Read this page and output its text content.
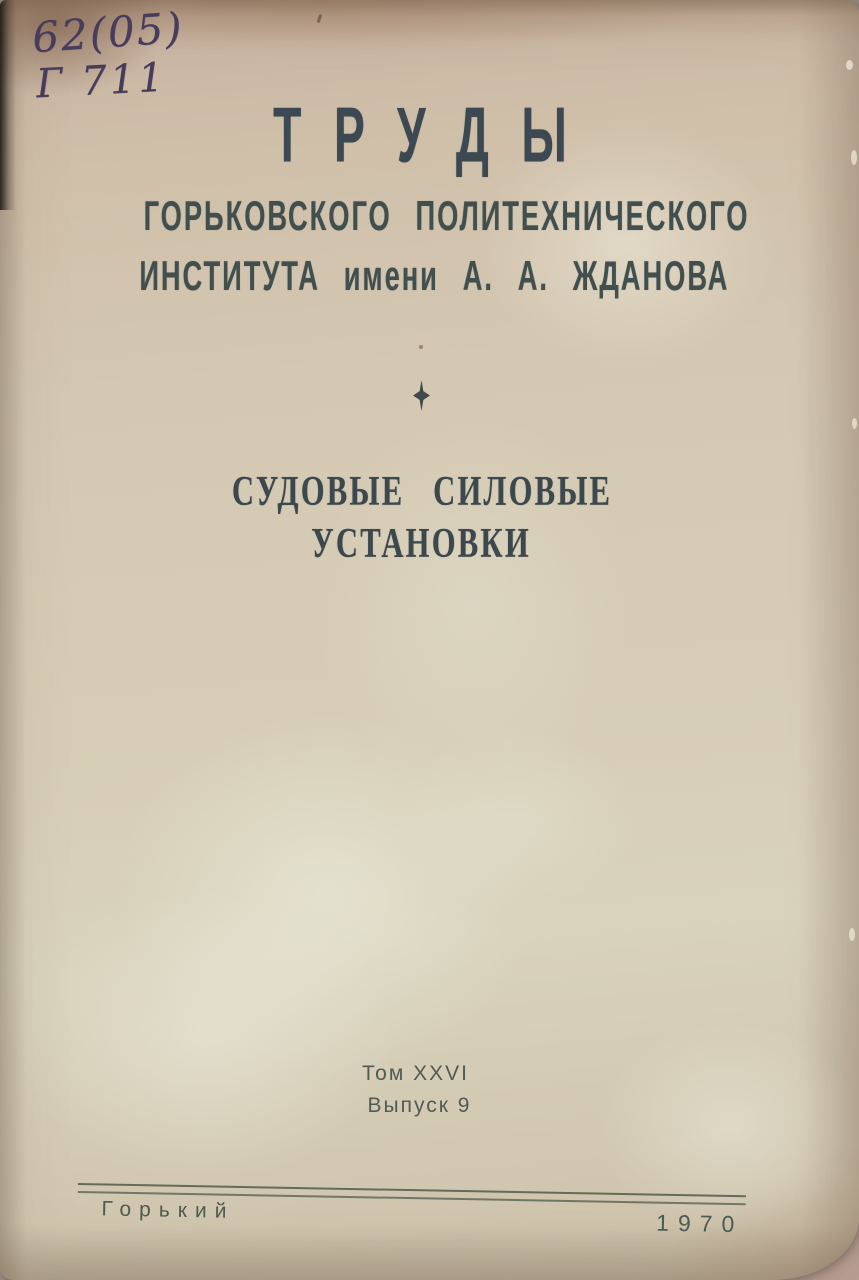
62(05)
Г 711
ТРУДЫ
ГОРЬКОВСКОГО ПОЛИТЕХНИЧЕСКОГО
ИНСТИТУТА имени А. А. ЖДАНОВА
СУДОВЫЕ СИЛОВЫЕ
УСТАНОВКИ
Том XXVI
Выпуск 9
Горький	1970
